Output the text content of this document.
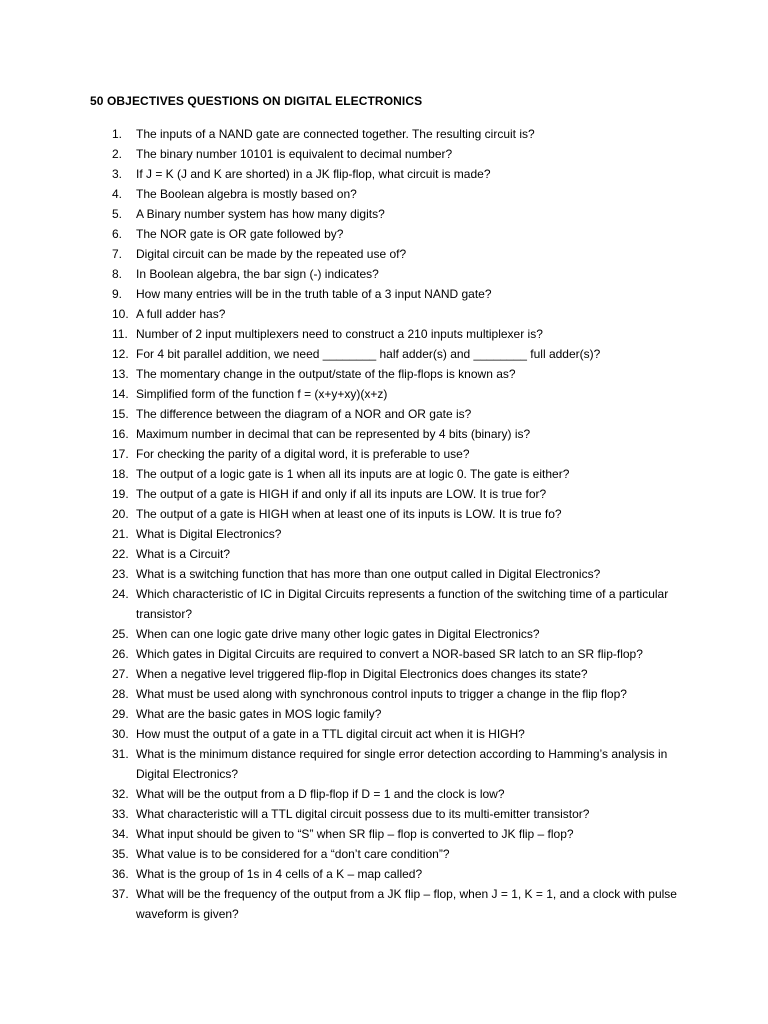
50 OBJECTIVES QUESTIONS ON DIGITAL ELECTRONICS
1.	The inputs of a NAND gate are connected together. The resulting circuit is?
2.	The binary number 10101 is equivalent to decimal number?
3.	If J = K (J and K are shorted) in a JK flip-flop, what circuit is made?
4.	The Boolean algebra is mostly based on?
5.	A Binary number system has how many digits?
6.	The NOR gate is OR gate followed by?
7.	Digital circuit can be made by the repeated use of?
8.	In Boolean algebra, the bar sign (-) indicates?
9.	How many entries will be in the truth table of a 3 input NAND gate?
10. A full adder has?
11. Number of 2 input multiplexers need to construct a 210 inputs multiplexer is?
12. For 4 bit parallel addition, we need ________ half adder(s) and ________ full adder(s)?
13. The momentary change in the output/state of the flip-flops is known as?
14. Simplified form of the function f = (x+y+xy)(x+z)
15. The difference between the diagram of a NOR and OR gate is?
16. Maximum number in decimal that can be represented by 4 bits (binary) is?
17. For checking the parity of a digital word, it is preferable to use?
18. The output of a logic gate is 1 when all its inputs are at logic 0. The gate is either?
19. The output of a gate is HIGH if and only if all its inputs are LOW. It is true for?
20. The output of a gate is HIGH when at least one of its inputs is LOW. It is true fo?
21. What is Digital Electronics?
22. What is a Circuit?
23. What is a switching function that has more than one output called in Digital Electronics?
24. Which characteristic of IC in Digital Circuits represents a function of the switching time of a particular transistor?
25. When can one logic gate drive many other logic gates in Digital Electronics?
26. Which gates in Digital Circuits are required to convert a NOR-based SR latch to an SR flip-flop?
27. When a negative level triggered flip-flop in Digital Electronics does changes its state?
28. What must be used along with synchronous control inputs to trigger a change in the flip flop?
29. What are the basic gates in MOS logic family?
30. How must the output of a gate in a TTL digital circuit act when it is HIGH?
31. What is the minimum distance required for single error detection according to Hamming’s analysis in Digital Electronics?
32. What will be the output from a D flip-flop if D = 1 and the clock is low?
33. What characteristic will a TTL digital circuit possess due to its multi-emitter transistor?
34. What input should be given to “S” when SR flip – flop is converted to JK flip – flop?
35. What value is to be considered for a “don’t care condition”?
36. What is the group of 1s in 4 cells of a K – map called?
37. What will be the frequency of the output from a JK flip – flop, when J = 1, K = 1, and a clock with pulse waveform is given?
